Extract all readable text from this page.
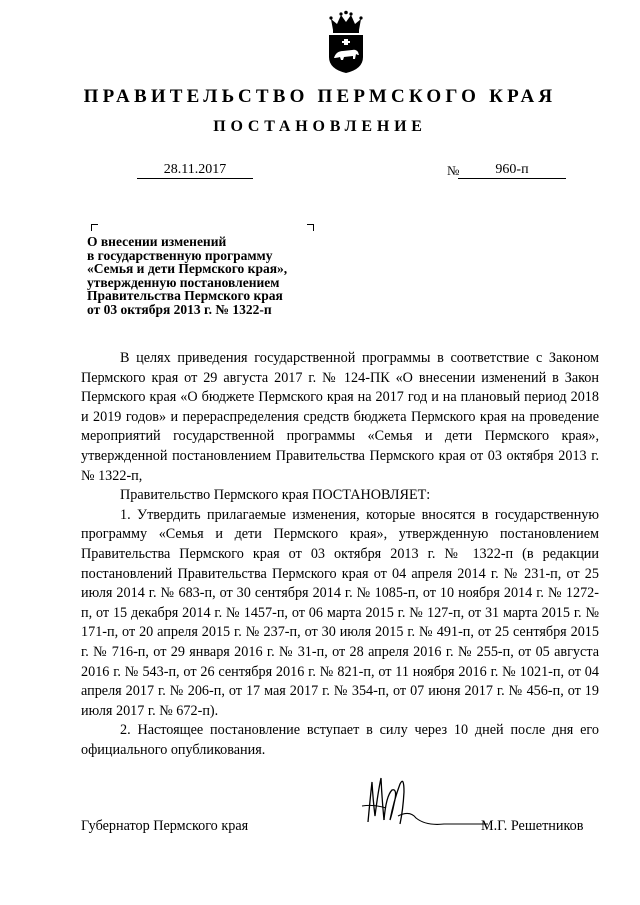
ПРАВИТЕЛЬСТВО ПЕРМСКОГО КРАЯ
ПОСТАНОВЛЕНИЕ
28.11.2017	№	960-п
О внесении изменений
в государственную программу
«Семья и дети Пермского края»,
утвержденную постановлением
Правительства Пермского края
от 03 октября 2013 г. № 1322-п

В целях приведения государственной программы в соответствие с Законом Пермского края от 29 августа 2017 г. № 124-ПК «О внесении изменений в Закон Пермского края «О бюджете Пермского края на 2017 год и на плановый период 2018 и 2019 годов» и перераспределения средств бюджета Пермского края на проведение мероприятий государственной программы «Семья и дети Пермского края», утвержденной постановлением Правительства Пермского края от 03 октября 2013 г. № 1322-п,

Правительство Пермского края ПОСТАНОВЛЯЕТ:

1. Утвердить прилагаемые изменения, которые вносятся в государственную программу «Семья и дети Пермского края», утвержденную постановлением Правительства Пермского края от 03 октября 2013 г. № 1322-п (в редакции постановлений Правительства Пермского края от 04 апреля 2014 г. № 231-п, от 25 июля 2014 г. № 683-п, от 30 сентября 2014 г. № 1085-п, от 10 ноября 2014 г. № 1272-п, от 15 декабря 2014 г. № 1457-п, от 06 марта 2015 г. № 127-п, от 31 марта 2015 г. № 171-п, от 20 апреля 2015 г. № 237-п, от 30 июля 2015 г. № 491-п, от 25 сентября 2015 г. № 716-п, от 29 января 2016 г. № 31-п, от 28 апреля 2016 г. № 255-п, от 05 августа 2016 г. № 543-п, от 26 сентября 2016 г. № 821-п, от 11 ноября 2016 г. № 1021-п, от 04 апреля 2017 г. № 206-п, от 17 мая 2017 г. № 354-п, от 07 июня 2017 г. № 456-п, от 19 июля 2017 г. № 672-п).

2. Настоящее постановление вступает в силу через 10 дней после дня его официального опубликования.

Губернатор Пермского края	М.Г. Решетников
